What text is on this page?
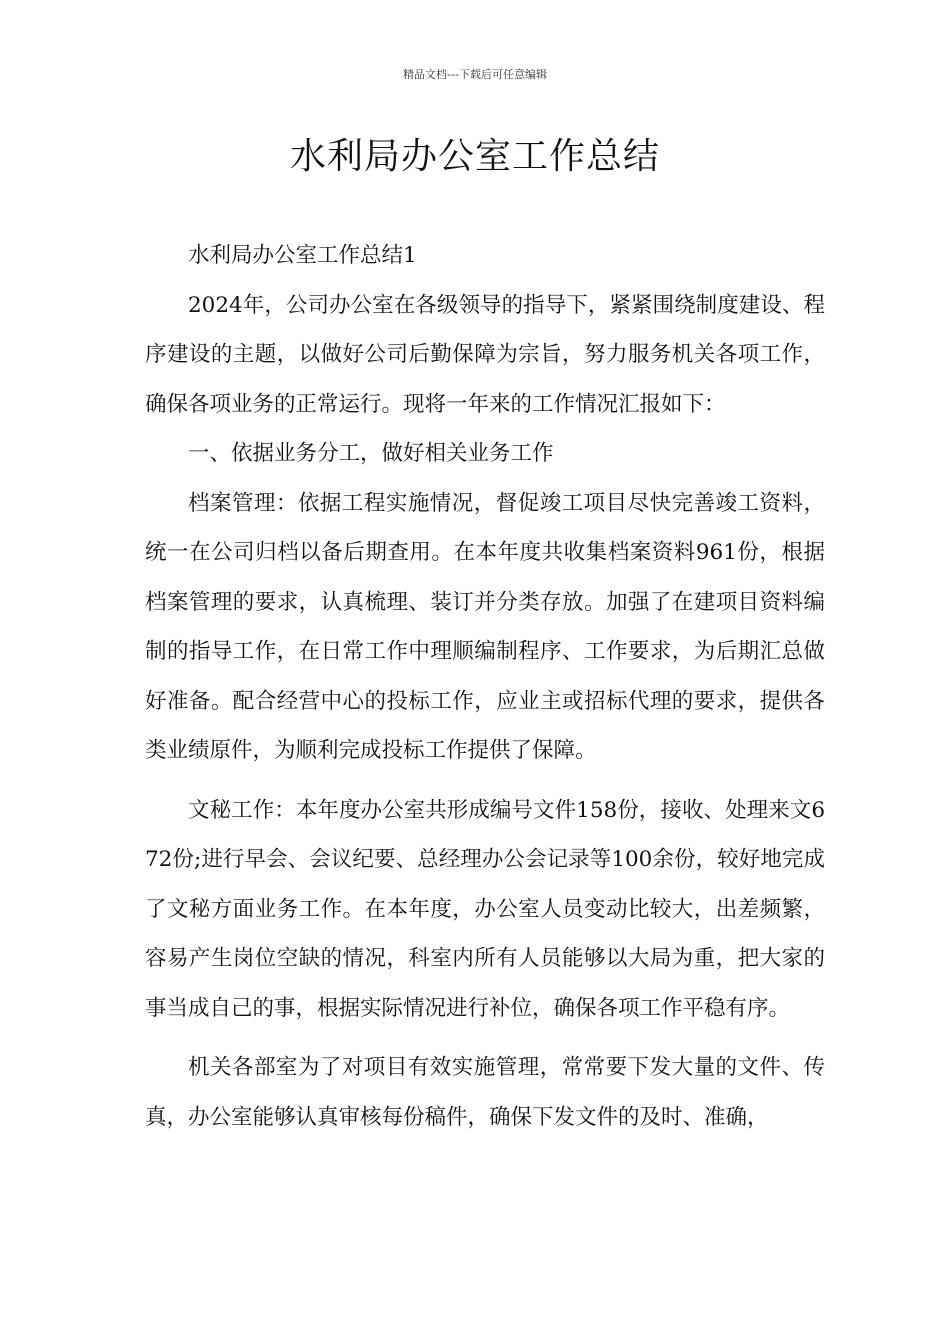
精品文档---下载后可任意编辑
水利局办公室工作总结

水利局办公室工作总结1

2024年，公司办公室在各级领导的指导下，紧紧围绕制度建设、程序建设的主题，以做好公司后勤保障为宗旨，努力服务机关各项工作，确保各项业务的正常运行。现将一年来的工作情况汇报如下：

一、依据业务分工，做好相关业务工作

档案管理：依据工程实施情况，督促竣工项目尽快完善竣工资料，统一在公司归档以备后期查用。在本年度共收集档案资料961份，根据档案管理的要求，认真梳理、装订并分类存放。加强了在建项目资料编制的指导工作，在日常工作中理顺编制程序、工作要求，为后期汇总做好准备。配合经营中心的投标工作，应业主或招标代理的要求，提供各类业绩原件，为顺利完成投标工作提供了保障。

文秘工作：本年度办公室共形成编号文件158份，接收、处理来文672份;进行早会、会议纪要、总经理办公会记录等100余份，较好地完成了文秘方面业务工作。在本年度，办公室人员变动比较大，出差频繁，容易产生岗位空缺的情况，科室内所有人员能够以大局为重，把大家的事当成自己的事，根据实际情况进行补位，确保各项工作平稳有序。

机关各部室为了对项目有效实施管理，常常要下发大量的文件、传真，办公室能够认真审核每份稿件，确保下发文件的及时、准确，
